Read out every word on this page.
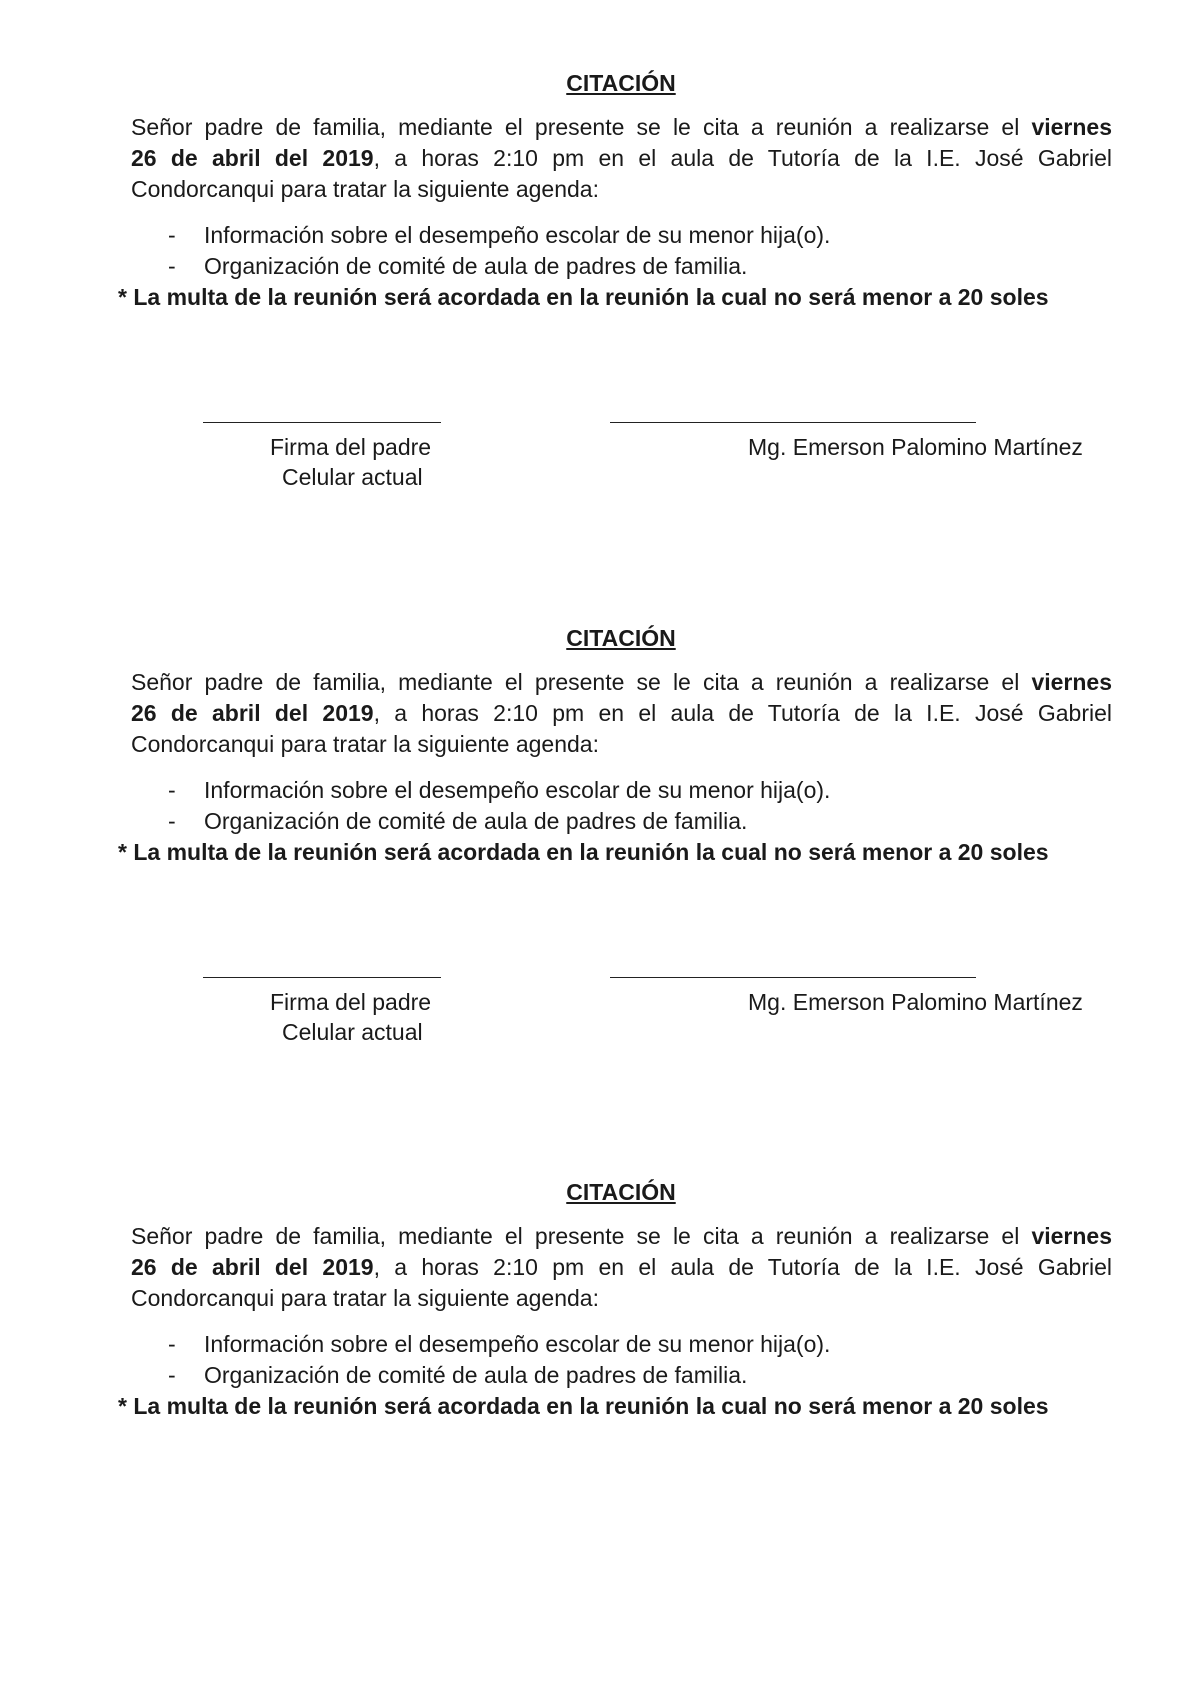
CITACIÓN
Señor padre de familia, mediante el presente se le cita a reunión a realizarse el viernes
26 de abril del 2019, a horas 2:10 pm en el aula de Tutoría de la I.E. José Gabriel
Condorcanqui para tratar la siguiente agenda:
- Información sobre el desempeño escolar de su menor hija(o).
- Organización de comité de aula de padres de familia.
* La multa de la reunión será acordada en la reunión la cual no será menor a 20 soles
Firma del padre
Celular actual
Mg. Emerson Palomino Martínez
CITACIÓN
Señor padre de familia, mediante el presente se le cita a reunión a realizarse el viernes
26 de abril del 2019, a horas 2:10 pm en el aula de Tutoría de la I.E. José Gabriel
Condorcanqui para tratar la siguiente agenda:
- Información sobre el desempeño escolar de su menor hija(o).
- Organización de comité de aula de padres de familia.
* La multa de la reunión será acordada en la reunión la cual no será menor a 20 soles
Firma del padre
Celular actual
Mg. Emerson Palomino Martínez
CITACIÓN
Señor padre de familia, mediante el presente se le cita a reunión a realizarse el viernes
26 de abril del 2019, a horas 2:10 pm en el aula de Tutoría de la I.E. José Gabriel
Condorcanqui para tratar la siguiente agenda:
- Información sobre el desempeño escolar de su menor hija(o).
- Organización de comité de aula de padres de familia.
* La multa de la reunión será acordada en la reunión la cual no será menor a 20 soles
